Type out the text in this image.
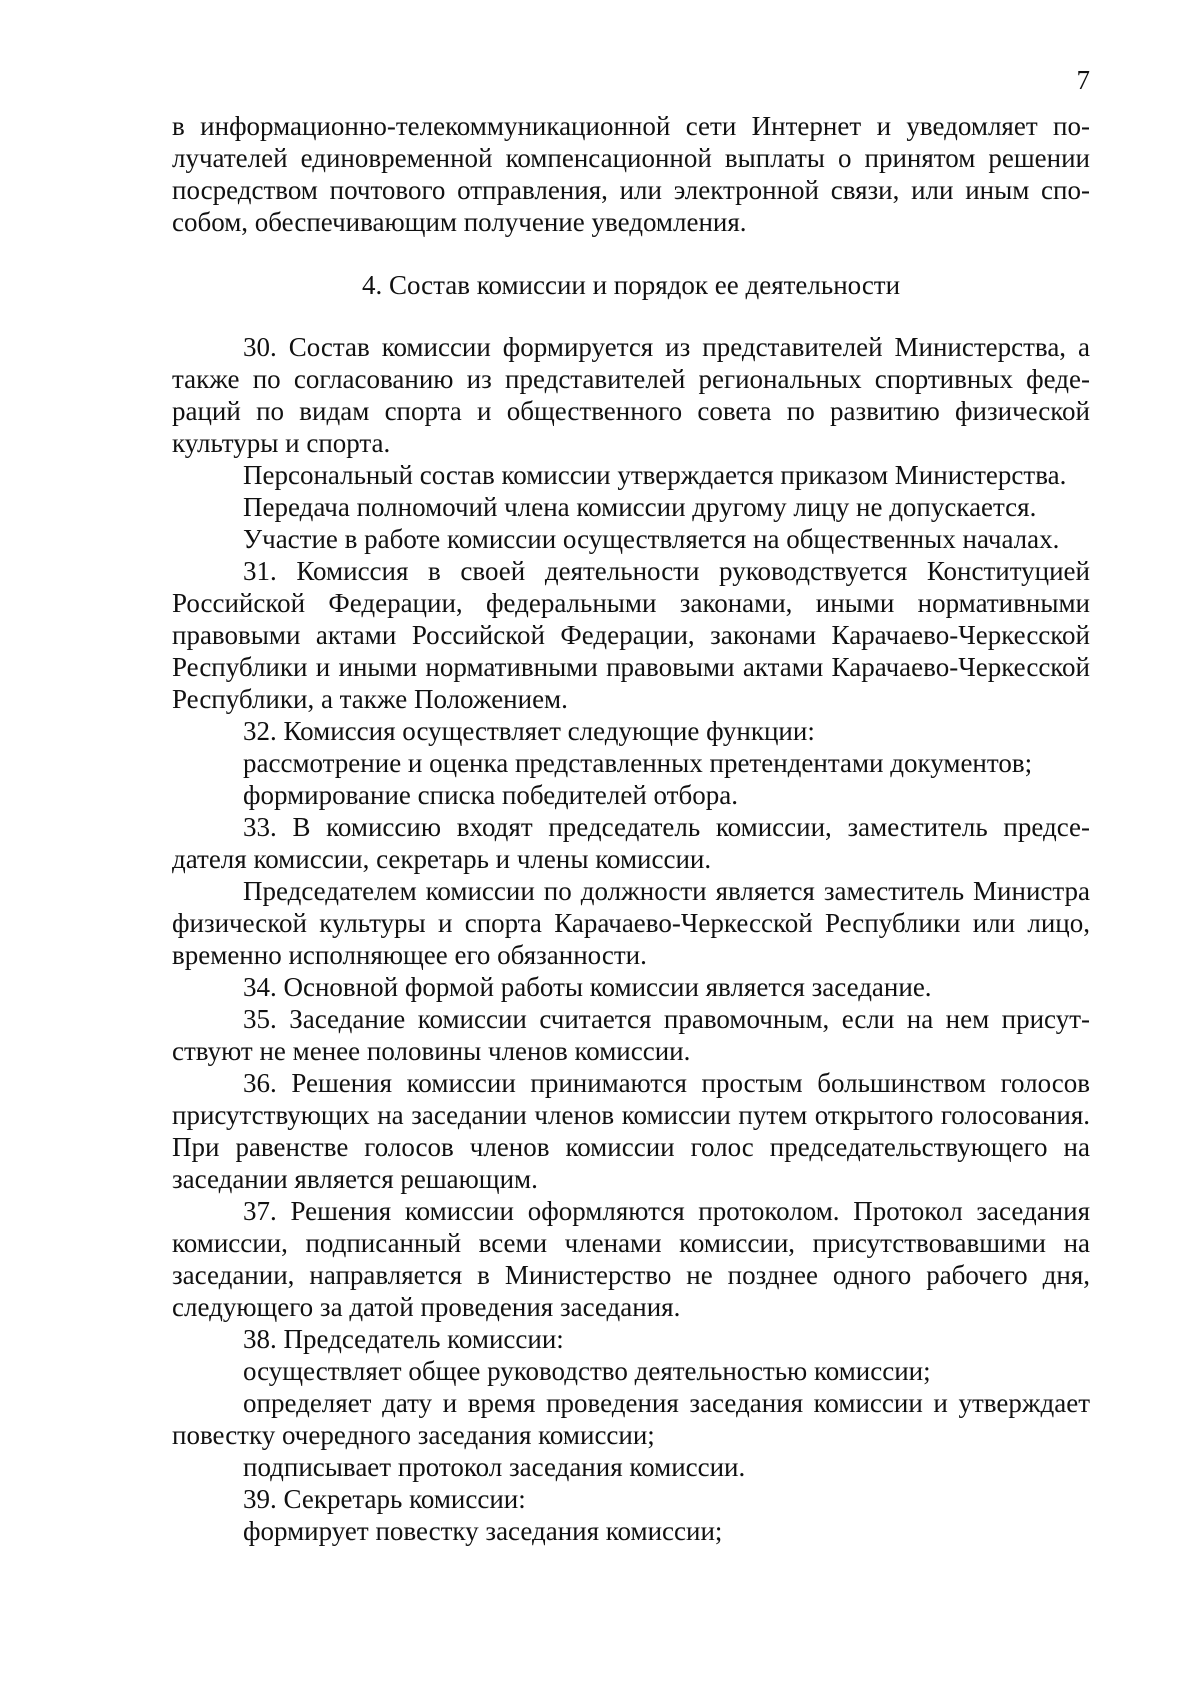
7

в информационно-телекоммуникационной сети Интернет и уведомляет получателей единовременной компенсационной выплаты о принятом решении посредством почтового отправления, или электронной связи, или иным способом, обеспечивающим получение уведомления.

4. Состав комиссии и порядок ее деятельности

30. Состав комиссии формируется из представителей Министерства, а также по согласованию из представителей региональных спортивных федераций по видам спорта и общественного совета по развитию физической культуры и спорта.

Персональный состав комиссии утверждается приказом Министерства.

Передача полномочий члена комиссии другому лицу не допускается.

Участие в работе комиссии осуществляется на общественных началах.

31. Комиссия в своей деятельности руководствуется Конституцией Российской Федерации, федеральными законами, иными нормативными правовыми актами Российской Федерации, законами Карачаево-Черкесской Республики и иными нормативными правовыми актами Карачаево-Черкесской Республики, а также Положением.

32. Комиссия осуществляет следующие функции:

рассмотрение и оценка представленных претендентами документов;

формирование списка победителей отбора.

33. В комиссию входят председатель комиссии, заместитель председателя комиссии, секретарь и члены комиссии.

Председателем комиссии по должности является заместитель Министра физической культуры и спорта Карачаево-Черкесской Республики или лицо, временно исполняющее его обязанности.

34. Основной формой работы комиссии является заседание.

35. Заседание комиссии считается правомочным, если на нем присутствуют не менее половины членов комиссии.

36. Решения комиссии принимаются простым большинством голосов присутствующих на заседании членов комиссии путем открытого голосования. При равенстве голосов членов комиссии голос председательствующего на заседании является решающим.

37. Решения комиссии оформляются протоколом. Протокол заседания комиссии, подписанный всеми членами комиссии, присутствовавшими на заседании, направляется в Министерство не позднее одного рабочего дня, следующего за датой проведения заседания.

38. Председатель комиссии:

осуществляет общее руководство деятельностью комиссии;

определяет дату и время проведения заседания комиссии и утверждает повестку очередного заседания комиссии;

подписывает протокол заседания комиссии.

39. Секретарь комиссии:

формирует повестку заседания комиссии;
